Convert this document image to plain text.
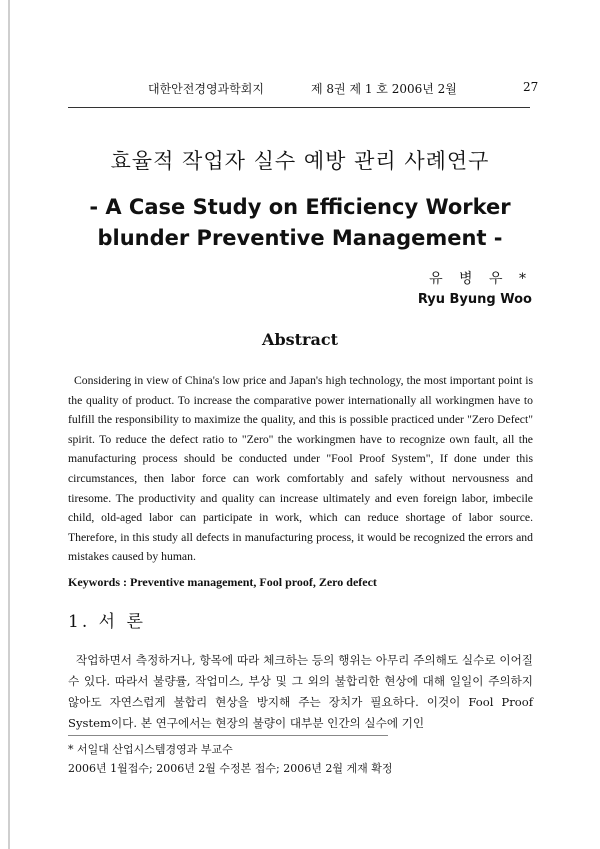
대한안전경영과학회지	제 8권 제 1 호 2006년 2월	27
효율적 작업자 실수 예방 관리 사례연구
- A Case Study on Efficiency Worker
blunder Preventive Management -
유 병 우 *
Ryu Byung Woo
Abstract

Considering in view of China's low price and Japan's high technology, the most important point is the quality of product. To increase the comparative power internationally all workingmen have to fulfill the responsibility to maximize the quality, and this is possible practiced under "Zero Defect" spirit. To reduce the defect ratio to "Zero" the workingmen have to recognize own fault, all the manufacturing process should be conducted under "Fool Proof System", If done under this circumstances, then labor force can work comfortably and safely without nervousness and tiresome. The productivity and quality can increase ultimately and even foreign labor, imbecile child, old-aged labor can participate in work, which can reduce shortage of labor source. Therefore, in this study all defects in manufacturing process, it would be recognized the errors and mistakes caused by human.

Keywords : Preventive management, Fool proof, Zero defect
1. 서 론

작업하면서 측정하거나, 항목에 따라 체크하는 등의 행위는 아무리 주의해도 실수로 이어질 수 있다. 따라서 불량률, 작업미스, 부상 및 그 외의 불합리한 현상에 대해 일일이 주의하지 않아도 자연스럽게 불합리 현상을 방지해 주는 장치가 필요하다. 이것이 Fool Proof System이다. 본 연구에서는 현장의 불량이 대부분 인간의 실수에 기인

* 서일대 산업시스템경영과 부교수
2006년 1월접수; 2006년 2월 수정본 접수; 2006년 2월 게재 확정
